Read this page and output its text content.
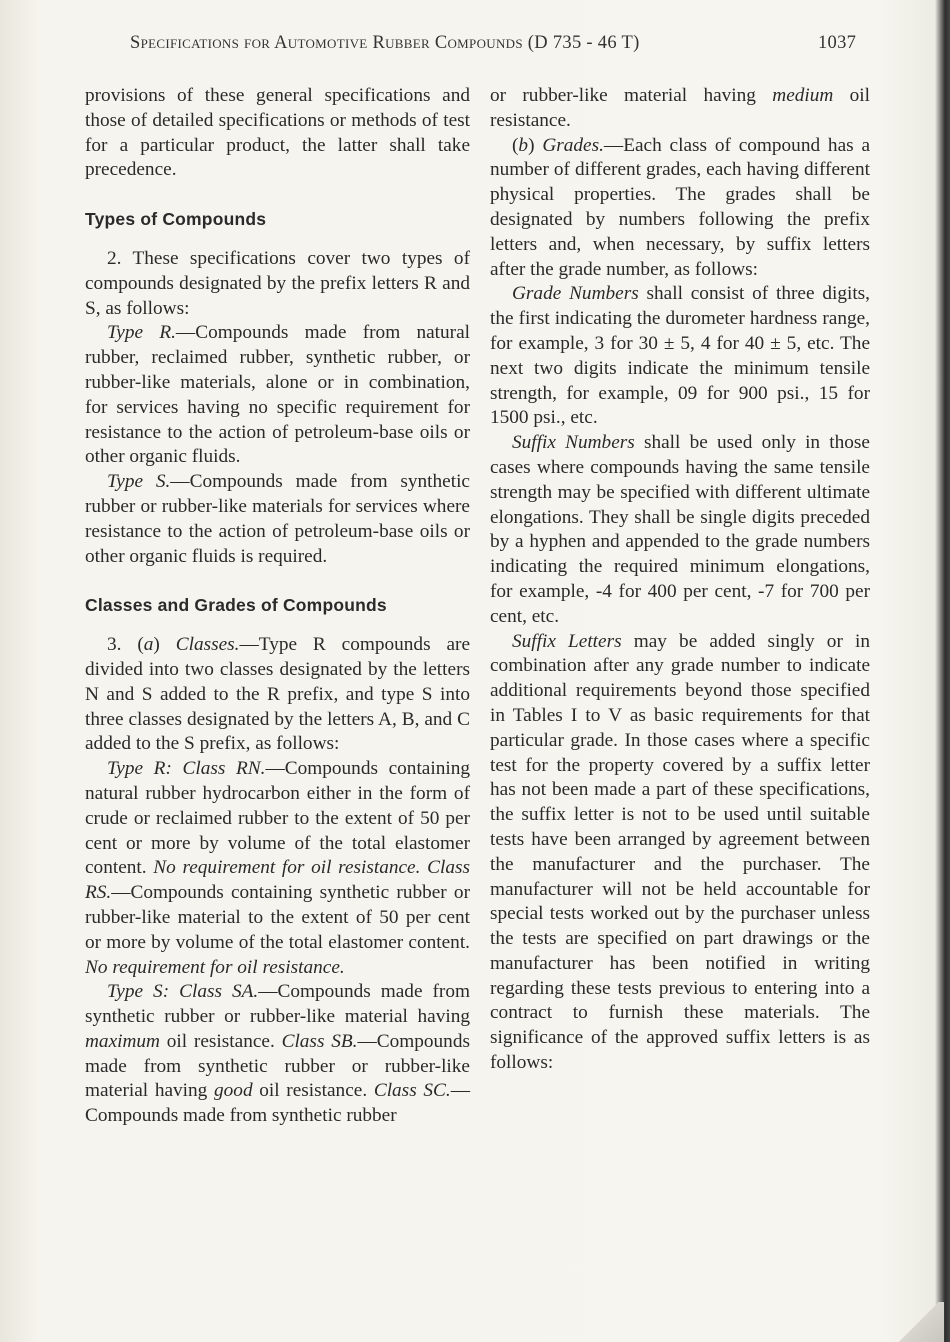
Specifications for Automotive Rubber Compounds (D 735 - 46 T)	1037

provisions of these general specifications and those of detailed specifications or methods of test for a particular product, the latter shall take precedence.

Types of Compounds

2. These specifications cover two types of compounds designated by the prefix letters R and S, as follows:

Type R.—Compounds made from natural rubber, reclaimed rubber, synthetic rubber, or rubber-like materials, alone or in combination, for services having no specific requirement for resistance to the action of petroleum-base oils or other organic fluids.

Type S.—Compounds made from synthetic rubber or rubber-like materials for services where resistance to the action of petroleum-base oils or other organic fluids is required.

Classes and Grades of Compounds

3. (a) Classes.—Type R compounds are divided into two classes designated by the letters N and S added to the R prefix, and type S into three classes designated by the letters A, B, and C added to the S prefix, as follows:

Type R: Class RN.—Compounds containing natural rubber hydrocarbon either in the form of crude or reclaimed rubber to the extent of 50 per cent or more by volume of the total elastomer content. No requirement for oil resistance. Class RS.—Compounds containing synthetic rubber or rubber-like material to the extent of 50 per cent or more by volume of the total elastomer content. No requirement for oil resistance.

Type S: Class SA.—Compounds made from synthetic rubber or rubber-like material having maximum oil resistance. Class SB.—Compounds made from synthetic rubber or rubber-like material having good oil resistance. Class SC.—Compounds made from synthetic rubber

or rubber-like material having medium oil resistance.

(b) Grades.—Each class of compound has a number of different grades, each having different physical properties. The grades shall be designated by numbers following the prefix letters and, when necessary, by suffix letters after the grade number, as follows:

Grade Numbers shall consist of three digits, the first indicating the durometer hardness range, for example, 3 for 30 ± 5, 4 for 40 ± 5, etc. The next two digits indicate the minimum tensile strength, for example, 09 for 900 psi., 15 for 1500 psi., etc.

Suffix Numbers shall be used only in those cases where compounds having the same tensile strength may be specified with different ultimate elongations. They shall be single digits preceded by a hyphen and appended to the grade numbers indicating the required minimum elongations, for example, -4 for 400 per cent, -7 for 700 per cent, etc.

Suffix Letters may be added singly or in combination after any grade number to indicate additional requirements beyond those specified in Tables I to V as basic requirements for that particular grade. In those cases where a specific test for the property covered by a suffix letter has not been made a part of these specifications, the suffix letter is not to be used until suitable tests have been arranged by agreement between the manufacturer and the purchaser. The manufacturer will not be held accountable for special tests worked out by the purchaser unless the tests are specified on part drawings or the manufacturer has been notified in writing regarding these tests previous to entering into a contract to furnish these materials. The significance of the approved suffix letters is as follows:
